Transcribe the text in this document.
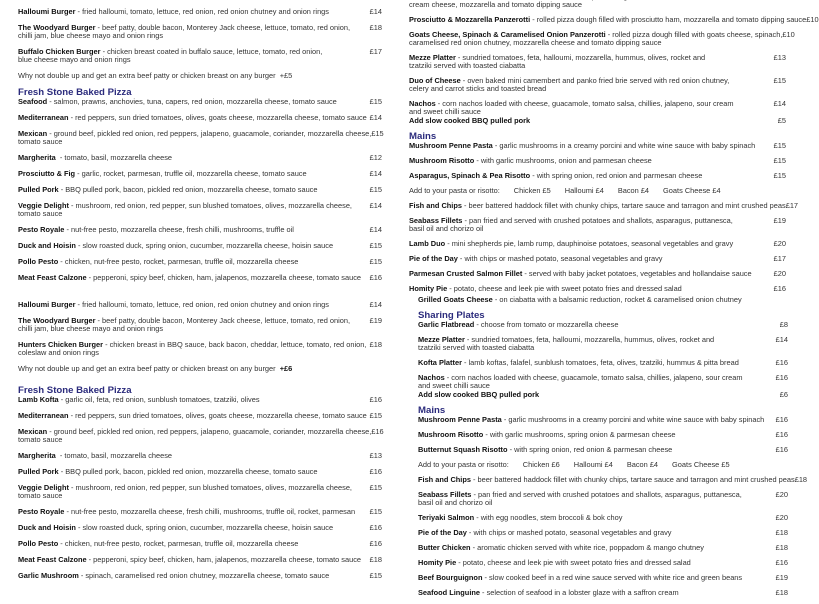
Halloumi Burger - fried halloumi, tomato, lettuce, red onion, red onion chutney and onion rings	£14
The Woodyard Burger - beef patty, double bacon, Monterey Jack cheese, lettuce, tomato, red onion,
chilli jam, blue cheese mayo and onion rings
£18
Buffalo Chicken Burger - chicken breast coated in buffalo sauce, lettuce, tomato, red onion,
blue cheese mayo and onion rings
£17
Why not double up and get an extra beef patty or chicken breast on any burger  +£5
Fresh Stone Baked Pizza
Seafood - salmon, prawns, anchovies, tuna, capers, red onion, mozzarella cheese, tomato sauce	£15
Mediterranean - red peppers, sun dried tomatoes, olives, goats cheese, mozzarella cheese, tomato sauce £14
Mexican - ground beef, pickled red onion, red peppers, jalapeno, guacamole, coriander, mozzarella cheese,
tomato sauce
£15
Margherita  - tomato, basil, mozzarella cheese	£12
Prosciutto & Fig - garlic, rocket, parmesan, truffle oil, mozzarella cheese, tomato sauce	£14
Pulled Pork - BBQ pulled pork, bacon, pickled red onion, mozzarella cheese, tomato sauce	£15
Veggie Delight - mushroom, red onion, red pepper, sun blushed tomatoes, olives, mozzarella cheese,
tomato sauce
£14
Pesto Royale - nut-free pesto, mozzarella cheese, fresh chilli, mushrooms, truffle oil	£14
Duck and Hoisin - slow roasted duck, spring onion, cucumber, mozzarella cheese, hoisin sauce	£15
Pollo Pesto - chicken, nut-free pesto, rocket, parmesan, truffle oil, mozzarella cheese	£15
Meat Feast Calzone - pepperoni, spicy beef, chicken, ham, jalapenos, mozzarella cheese, tomato sauce	£16
Halloumi Burger - fried halloumi, tomato, lettuce, red onion, red onion chutney and onion rings	£14
The Woodyard Burger - beef patty, double bacon, Monterey Jack cheese, lettuce, tomato, red onion,
chilli jam, blue cheese mayo and onion rings
£19
Hunters Chicken Burger - chicken breast in BBQ sauce, back bacon, cheddar, lettuce, tomato, red onion,
coleslaw and onion rings
£18
Why not double up and get an extra beef patty or chicken breast on any burger  +£6
Fresh Stone Baked Pizza
Lamb Kofta - garlic oil, feta, red onion, sunblush tomatoes, tzatziki, olives	£16
Mediterranean - red peppers, sun dried tomatoes, olives, goats cheese, mozzarella cheese, tomato sauce £15
Mexican - ground beef, pickled red onion, red peppers, jalapeno, guacamole, coriander, mozzarella cheese,
tomato sauce
£16
Margherita  - tomato, basil, mozzarella cheese	£13
Pulled Pork - BBQ pulled pork, bacon, pickled red onion, mozzarella cheese, tomato sauce	£16
Veggie Delight - mushroom, red onion, red pepper, sun blushed tomatoes, olives, mozzarella cheese,
tomato sauce
£15
Pesto Royale - nut-free pesto, mozzarella cheese, fresh chilli, mushrooms, truffle oil, rocket, parmesan	£15
Duck and Hoisin - slow roasted duck, spring onion, cucumber, mozzarella cheese, hoisin sauce	£16
Pollo Pesto - chicken, nut-free pesto, rocket, parmesan, truffle oil, mozzarella cheese	£16
Meat Feast Calzone - pepperoni, spicy beef, chicken, ham, jalapenos, mozzarella cheese, tomato sauce	£18
Garlic Mushroom - spinach, caramelised red onion chutney, mozzarella cheese, tomato sauce	£15

cream cheese, mozzarella and tomato dipping sauce
Prosciutto & Mozzarella Panzerotti - rolled pizza dough filled with prosciutto ham, mozzarella and tomato dipping sauce £10
Goats Cheese, Spinach & Caramelised Onion Panzerotti - rolled pizza dough filled with goats cheese, spinach,
caramelised red onion chutney, mozzarella cheese and tomato dipping sauce
£10
Mezze Platter - sundried tomatoes, feta, halloumi, mozzarella, hummus, olives, rocket and
tzatziki served with toasted ciabatta
£13
Duo of Cheese - oven baked mini camembert and panko fried brie served with red onion chutney,
celery and carrot sticks and toasted bread
£15
Nachos - corn nachos loaded with cheese, guacamole, tomato salsa, chillies, jalapeno, sour cream
and sweet chilli sauce
£14
Add slow cooked BBQ pulled pork	£5
Mains
Mushroom Penne Pasta - garlic mushrooms in a creamy porcini and white wine sauce with baby spinach	£15
Mushroom Risotto - with garlic mushrooms, onion and parmesan cheese	£15
Asparagus, Spinach & Pea Risotto - with spring onion, red onion and parmesan cheese	£15
Add to your pasta or risotto: Chicken £5 Halloumi £4 Bacon £4 Goats Cheese £4
Fish and Chips - beer battered haddock fillet with chunky chips, tartare sauce and tarragon and mint crushed peas £17
Seabass Fillets - pan fried and served with crushed potatoes and shallots, asparagus, puttanesca,
basil oil and chorizo oil
£19
Lamb Duo - mini shepherds pie, lamb rump, dauphinoise potatoes, seasonal vegetables and gravy	£20
Pie of the Day - with chips or mashed potato, seasonal vegetables and gravy	£17
Parmesan Crusted Salmon Fillet - served with baby jacket potatoes, vegetables and hollandaise sauce	£20
Homity Pie - potato, cheese and leek pie with sweet potato fries and dressed salad	£16
Grilled Goats Cheese - on ciabatta with a balsamic reduction, rocket & caramelised onion chutney
Sharing Plates
Garlic Flatbread - choose from tomato or mozzarella cheese	£8
Mezze Platter - sundried tomatoes, feta, halloumi, mozzarella, hummus, olives, rocket and
tzatziki served with toasted ciabatta
£14
Kofta Platter - lamb koftas, falafel, sunblush tomatoes, feta, olives, tzatziki, hummus & pitta bread	£16
Nachos - corn nachos loaded with cheese, guacamole, tomato salsa, chillies, jalapeno, sour cream
and sweet chilli sauce
£16
Add slow cooked BBQ pulled pork	£6
Mains
Mushroom Penne Pasta - garlic mushrooms in a creamy porcini and white wine sauce with baby spinach	£16
Mushroom Risotto - with garlic mushrooms, spring onion & parmesan cheese	£16
Butternut Squash Risotto - with spring onion, red onion & parmesan cheese	£16
Add to your pasta or risotto: Chicken £6 Halloumi £4 Bacon £4 Goats Cheese £5
Fish and Chips - beer battered haddock fillet with chunky chips, tartare sauce and tarragon and mint crushed peas £18
Seabass Fillets - pan fried and served with crushed potatoes and shallots, asparagus, puttanesca,
basil oil and chorizo oil
£20
Teriyaki Salmon - with egg noodles, stem broccoli & bok choy	£20
Pie of the Day - with chips or mashed potato, seasonal vegetables and gravy	£18
Butter Chicken - aromatic chicken served with white rice, poppadom & mango chutney	£18
Homity Pie - potato, cheese and leek pie with sweet potato fries and dressed salad	£16
Beef Bourguignon - slow cooked beef in a red wine sauce served with white rice and green beans	£19
Seafood Linguine - selection of seafood in a lobster glaze with a saffron cream	£18
